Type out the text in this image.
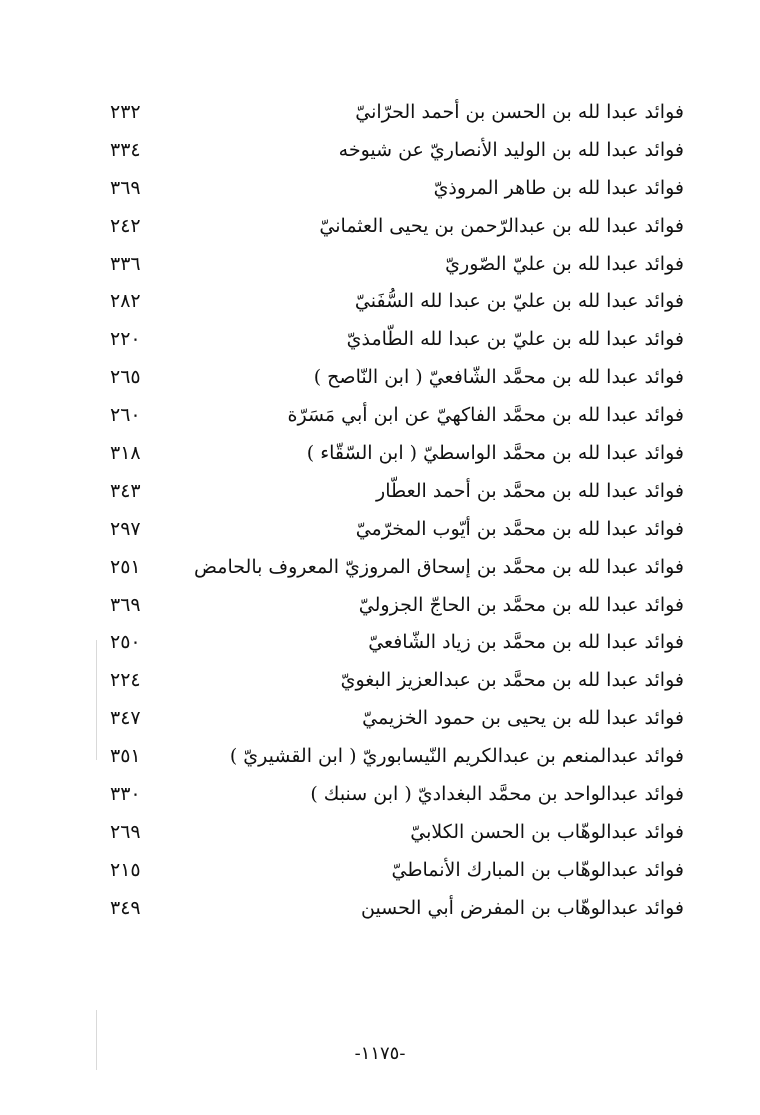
فوائد عبدا لله بن الحسن بن أحمد الحرّانيّ
٢٣٢
فوائد عبدا لله بن الوليد الأنصاريّ عن شيوخه
٣٣٤
فوائد عبدا لله بن طاهر المروذيّ
٣٦٩
فوائد عبدا لله بن عبدالرّحمن بن يحيى العثمانيّ
٢٤٢
فوائد عبدا لله بن عليّ الصّوريّ
٣٣٦
فوائد عبدا لله بن عليّ بن عبدا لله السُّفَنيّ
٢٨٢
فوائد عبدا لله بن عليّ بن عبدا لله الطّامذيّ
٢٢٠
فوائد عبدا لله بن محمَّد الشّافعيّ ( ابن النّاصح )
٢٦٥
فوائد عبدا لله بن محمَّد الفاكهيّ عن ابن أبي مَسَرّة
٢٦٠
فوائد عبدا لله بن محمَّد الواسطيّ ( ابن السّقّاء )
٣١٨
فوائد عبدا لله بن محمَّد بن أحمد العطّار
٣٤٣
فوائد عبدا لله بن محمَّد بن أيّوب المخرّميّ
٢٩٧
فوائد عبدا لله بن محمَّد بن إسحاق المروزيّ المعروف بالحامض
٢٥١
فوائد عبدا لله بن محمَّد بن الحاجّ الجزوليّ
٣٦٩
فوائد عبدا لله بن محمَّد بن زياد الشّافعيّ
٢٥٠
فوائد عبدا لله بن محمَّد بن عبدالعزيز البغويّ
٢٢٤
فوائد عبدا لله بن يحيى بن حمود الخزيميّ
٣٤٧
فوائد عبدالمنعم بن عبدالكريم النّيسابوريّ ( ابن القشيريّ )
٣٥١
فوائد عبدالواحد بن محمَّد البغداديّ ( ابن سنبك )
٣٣٠
فوائد عبدالوهّاب بن الحسن الكلابيّ
٢٦٩
فوائد عبدالوهّاب بن المبارك الأنماطيّ
٢١٥
فوائد عبدالوهّاب بن المفرض أبي الحسين
٣٤٩
-١١٧٥-
